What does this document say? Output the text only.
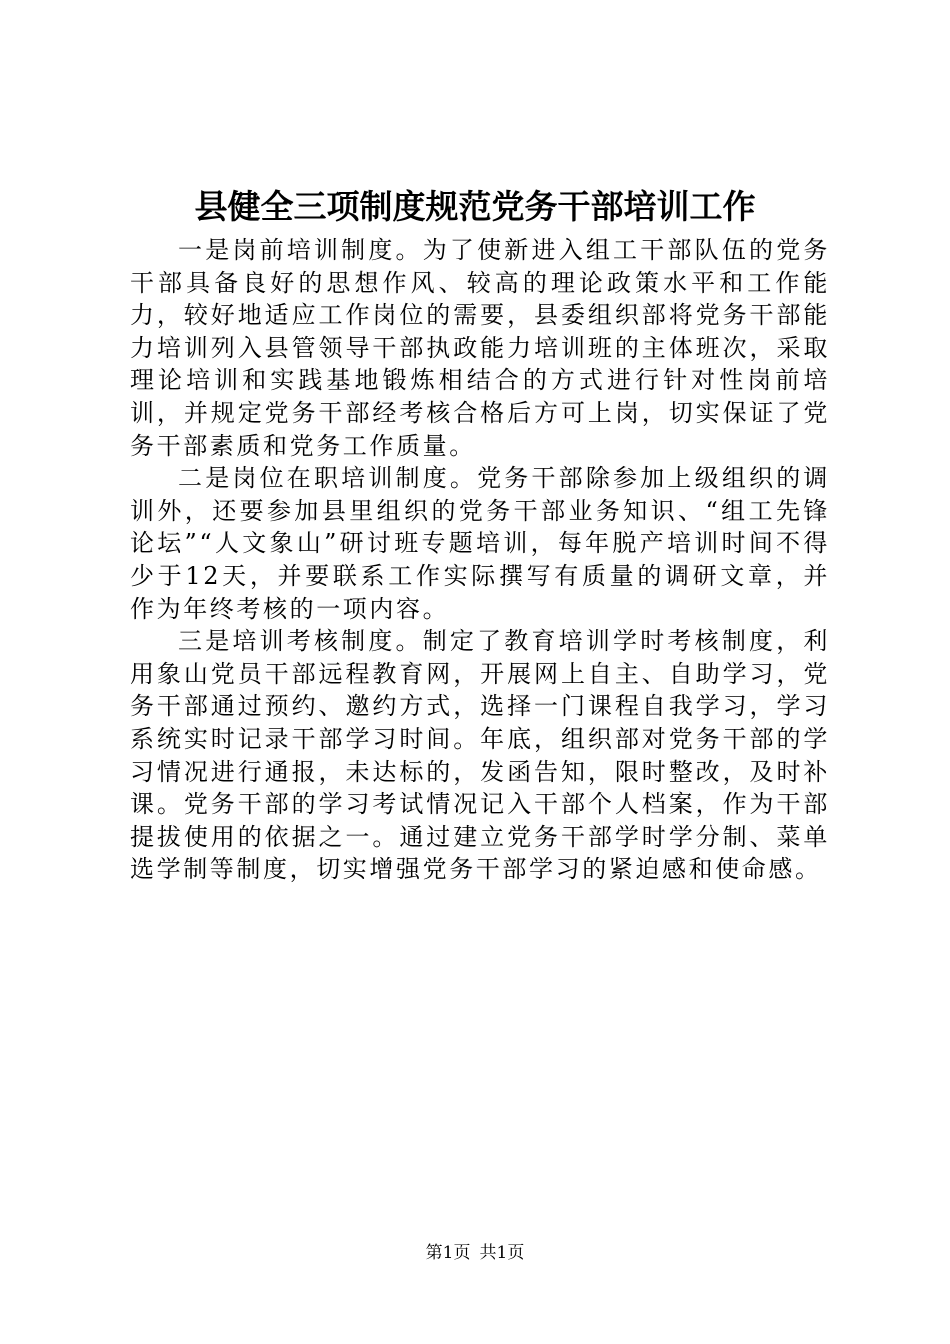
县健全三项制度规范党务干部培训工作

一是岗前培训制度。为了使新进入组工干部队伍的党务干部具备良好的思想作风、较高的理论政策水平和工作能力，较好地适应工作岗位的需要，县委组织部将党务干部能力培训列入县管领导干部执政能力培训班的主体班次，采取理论培训和实践基地锻炼相结合的方式进行针对性岗前培训，并规定党务干部经考核合格后方可上岗，切实保证了党务干部素质和党务工作质量。

二是岗位在职培训制度。党务干部除参加上级组织的调训外，还要参加县里组织的党务干部业务知识、“组工先锋论坛”“人文象山”研讨班专题培训，每年脱产培训时间不得少于12天，并要联系工作实际撰写有质量的调研文章，并作为年终考核的一项内容。

三是培训考核制度。制定了教育培训学时考核制度，利用象山党员干部远程教育网，开展网上自主、自助学习，党务干部通过预约、邀约方式，选择一门课程自我学习，学习系统实时记录干部学习时间。年底，组织部对党务干部的学习情况进行通报，未达标的，发函告知，限时整改，及时补课。党务干部的学习考试情况记入干部个人档案，作为干部提拔使用的依据之一。通过建立党务干部学时学分制、菜单选学制等制度，切实增强党务干部学习的紧迫感和使命感。

第1页 共1页
